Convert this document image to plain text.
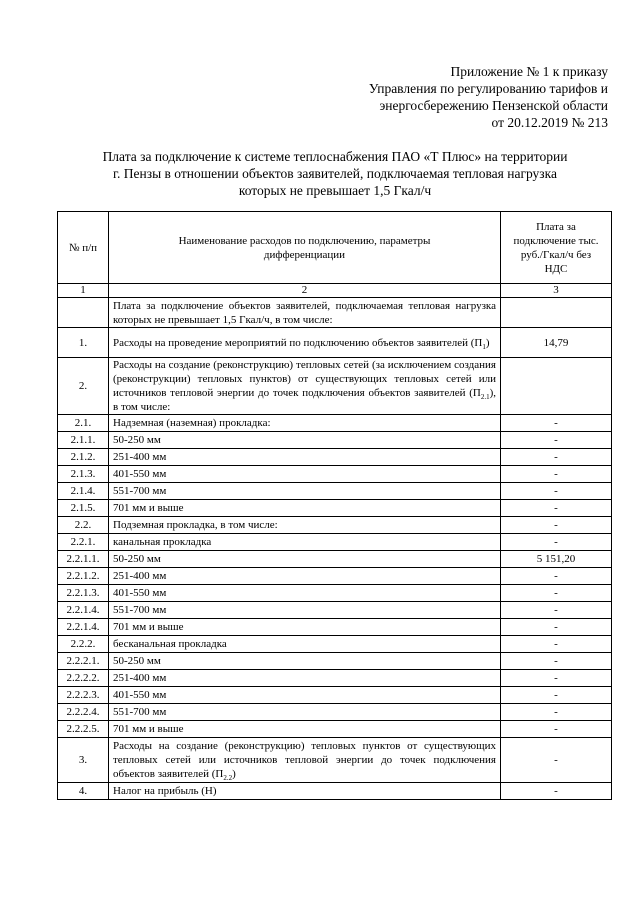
Приложение № 1 к приказу
Управления по регулированию тарифов и
энергосбережению Пензенской области
от 20.12.2019 № 213
Плата за подключение к системе теплоснабжения ПАО «Т Плюс» на территории
г. Пензы в отношении объектов заявителей, подключаемая тепловая нагрузка
которых не превышает 1,5 Гкал/ч
№ п/п	Наименование расходов по подключению, параметры дифференциации	Плата за подключение тыс. руб./Гкал/ч без НДС
1	2	3
	Плата за подключение объектов заявителей, подключаемая тепловая нагрузка которых не превышает 1,5 Гкал/ч, в том числе:	
1.	Расходы на проведение мероприятий по подключению объектов заявителей $(П_1)$	14,79
2.	Расходы на создание (реконструкцию) тепловых сетей (за исключением создания (реконструкции) тепловых пунктов) от существующих тепловых сетей или источников тепловой энергии до точек подключения объектов заявителей $(П_{2.1})$, в том числе:	
2.1.	Надземная (наземная) прокладка:	-
2.1.1.	50-250 мм	-
2.1.2.	251-400 мм	-
2.1.3.	401-550 мм	-
2.1.4.	551-700 мм	-
2.1.5.	701 мм и выше	-
2.2.	Подземная прокладка, в том числе:	-
2.2.1.	канальная прокладка	-
2.2.1.1.	50-250 мм	5 151,20
2.2.1.2.	251-400 мм	-
2.2.1.3.	401-550 мм	-
2.2.1.4.	551-700 мм	-
2.2.1.4.	701 мм и выше	-
2.2.2.	бесканальная прокладка	-
2.2.2.1.	50-250 мм	-
2.2.2.2.	251-400 мм	-
2.2.2.3.	401-550 мм	-
2.2.2.4.	551-700 мм	-
2.2.2.5.	701 мм и выше	-
3.	Расходы на создание (реконструкцию) тепловых пунктов от существующих тепловых сетей или источников тепловой энергии до точек подключения объектов заявителей $(П_{2.2})$	-
4.	Налог на прибыль (Н)	-
